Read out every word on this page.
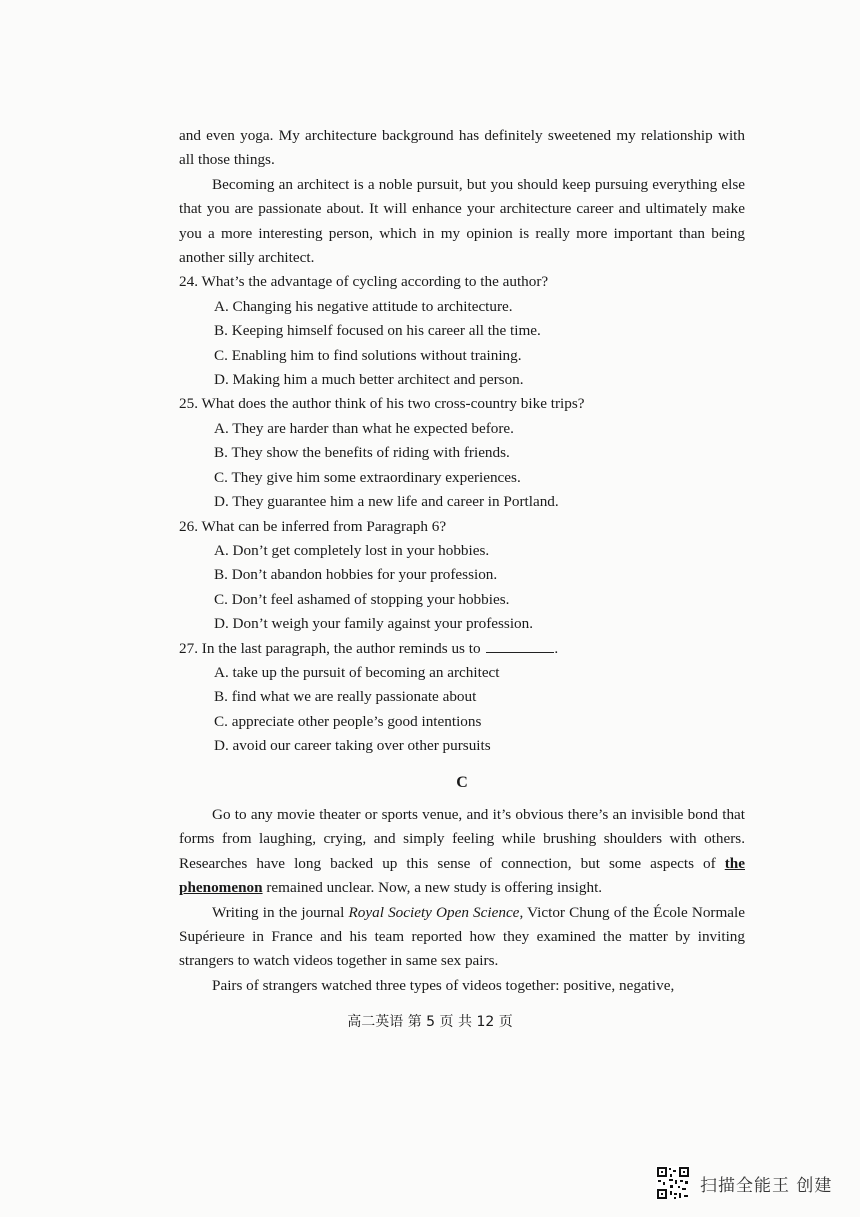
and even yoga. My architecture background has definitely sweetened my relationship with all those things.

Becoming an architect is a noble pursuit, but you should keep pursuing everything else that you are passionate about. It will enhance your architecture career and ultimately make you a more interesting person, which in my opinion is really more important than being another silly architect.

24. What’s the advantage of cycling according to the author?

A. Changing his negative attitude to architecture.

B. Keeping himself focused on his career all the time.

C. Enabling him to find solutions without training.

D. Making him a much better architect and person.

25. What does the author think of his two cross-country bike trips?

A. They are harder than what he expected before.

B. They show the benefits of riding with friends.

C. They give him some extraordinary experiences.

D. They guarantee him a new life and career in Portland.

26. What can be inferred from Paragraph 6?

A. Don’t get completely lost in your hobbies.

B. Don’t abandon hobbies for your profession.

C. Don’t feel ashamed of stopping your hobbies.

D. Don’t weigh your family against your profession.

27. In the last paragraph, the author reminds us to	.

A. take up the pursuit of becoming an architect

B. find what we are really passionate about

C. appreciate other people’s good intentions

D. avoid our career taking over other pursuits

C

Go to any movie theater or sports venue, and it’s obvious there’s an invisible bond that forms from laughing, crying, and simply feeling while brushing shoulders with others. Researches have long backed up this sense of connection, but some aspects of the phenomenon remained unclear. Now, a new study is offering insight.

Writing in the journal Royal Society Open Science, Victor Chung of the École Normale Supérieure in France and his team reported how they examined the matter by inviting strangers to watch videos together in same sex pairs.

Pairs of strangers watched three types of videos together: positive, negative,

高二英语 第 5 页 共 12 页
扫描全能王 创建
